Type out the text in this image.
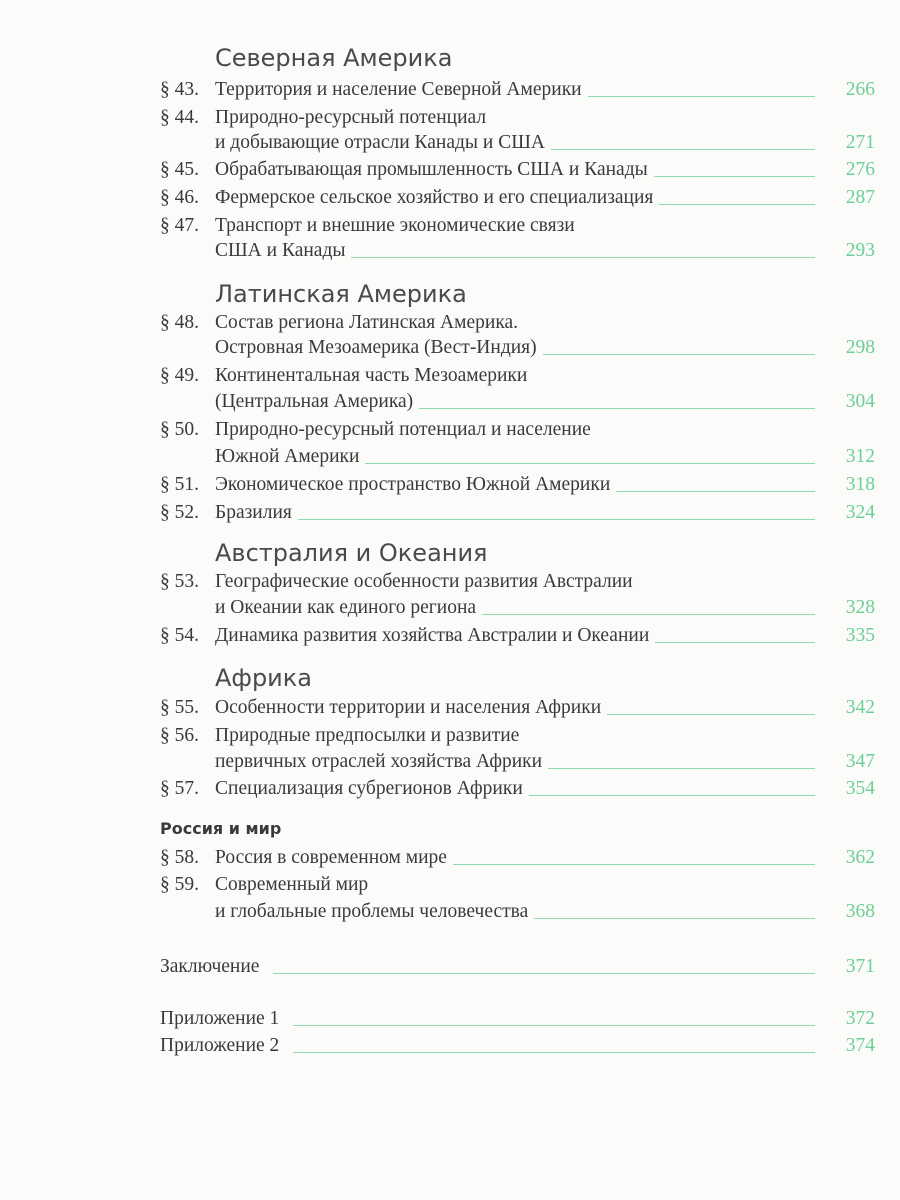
Северная Америка
§ 43. Территория и население Северной Америки	266
§ 44. Природно-ресурсный потенциал
и добывающие отрасли Канады и США	271
§ 45. Обрабатывающая промышленность США и Канады	276
§ 46. Фермерское сельское хозяйство и его специализация	287
§ 47. Транспорт и внешние экономические связи
США и Канады	293
Латинская Америка
§ 48. Состав региона Латинская Америка.
Островная Мезоамерика (Вест-Индия)	298
§ 49. Континентальная часть Мезоамерики
(Центральная Америка)	304
§ 50. Природно-ресурсный потенциал и население
Южной Америки	312
§ 51. Экономическое пространство Южной Америки	318
§ 52. Бразилия	324
Австралия и Океания
§ 53. Географические особенности развития Австралии
и Океании как единого региона	328
§ 54. Динамика развития хозяйства Австралии и Океании	335
Африка
§ 55. Особенности территории и населения Африки	342
§ 56. Природные предпосылки и развитие
первичных отраслей хозяйства Африки	347
§ 57. Специализация субрегионов Африки	354
Россия и мир
§ 58. Россия в современном мире	362
§ 59. Современный мир
и глобальные проблемы человечества	368
Заключение	371
Приложение 1	372
Приложение 2	374
